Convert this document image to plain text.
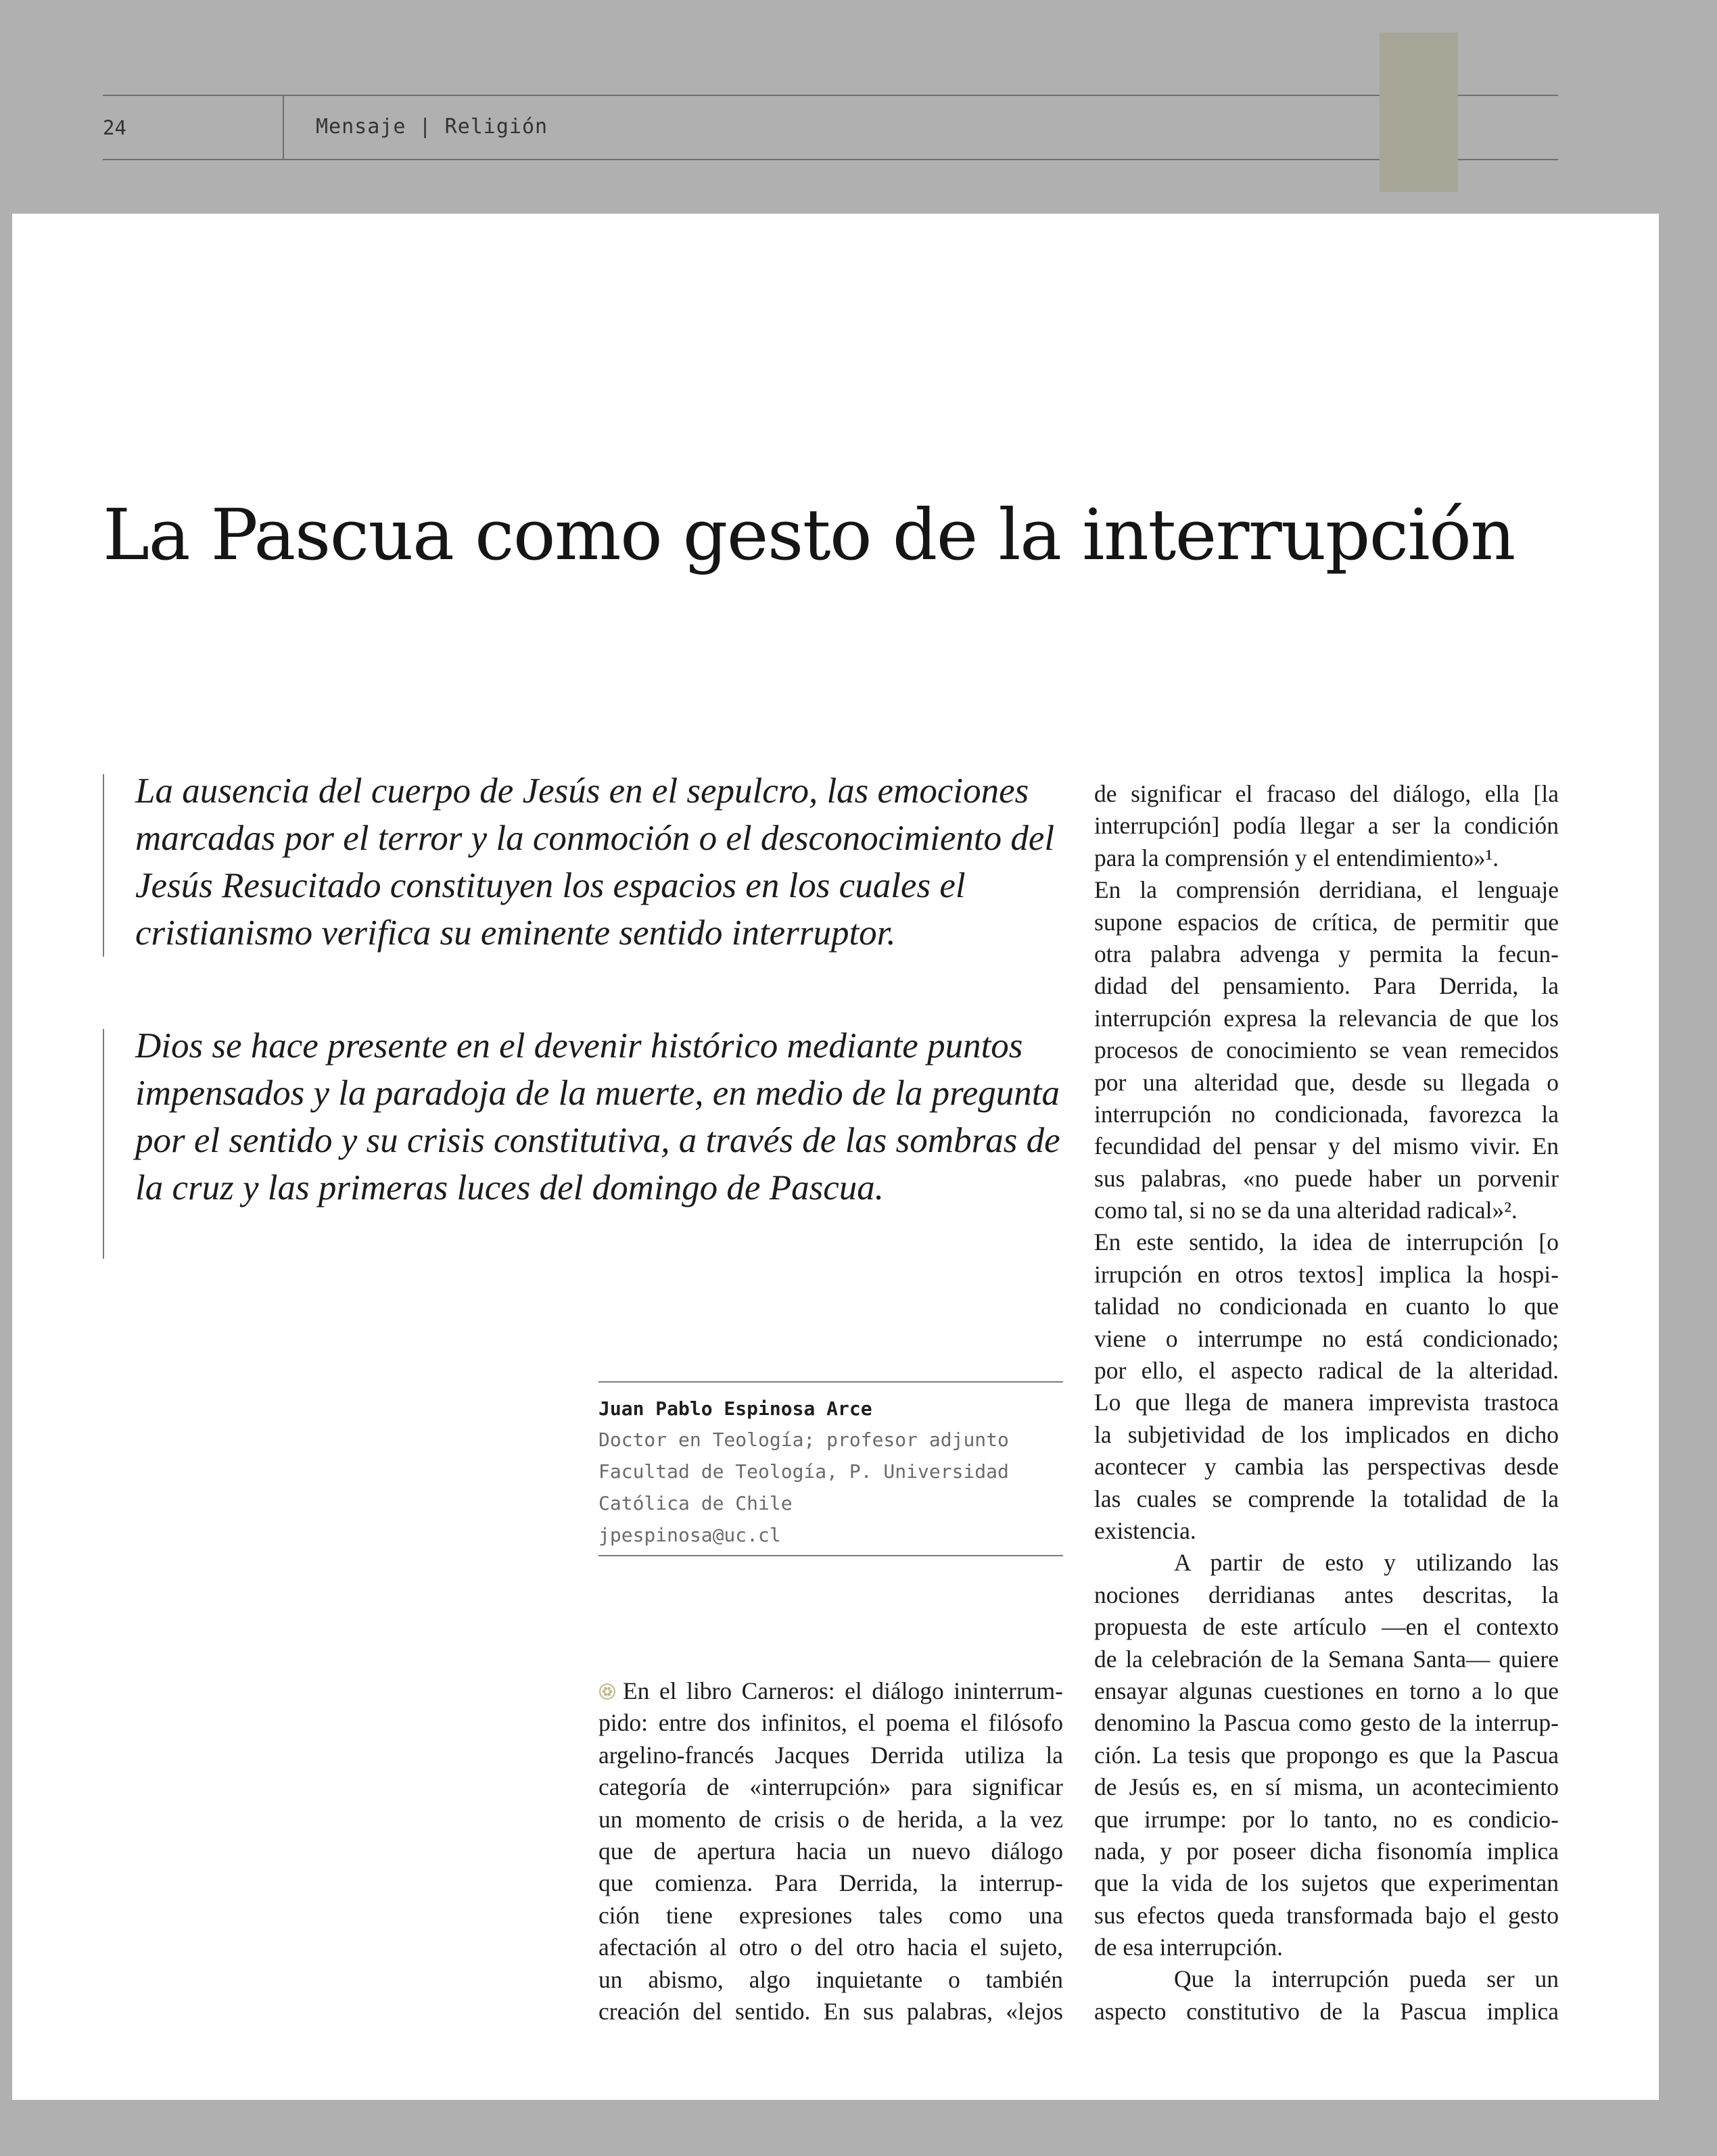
24	Mensaje | Religión
La Pascua como gesto de la interrupción

La ausencia del cuerpo de Jesús en el sepulcro, las emociones marcadas por el terror y la conmoción o el desconocimiento del Jesús Resucitado constituyen los espacios en los cuales el cristianismo verifica su eminente sentido interruptor.

Dios se hace presente en el devenir histórico mediante puntos impensados y la paradoja de la muerte, en medio de la pregunta por el sentido y su crisis constitutiva, a través de las sombras de la cruz y las primeras luces del domingo de Pascua.

Juan Pablo Espinosa Arce
Doctor en Teología; profesor adjunto
Facultad de Teología, P. Universidad
Católica de Chile
jpespinosa@uc.cl
En el libro Carneros: el diálogo ininterrum-
pido: entre dos infinitos, el poema el filósofo
argelino-francés Jacques Derrida utiliza la
categoría de «interrupción» para significar
un momento de crisis o de herida, a la vez
que de apertura hacia un nuevo diálogo
que comienza. Para Derrida, la interrup-
ción tiene expresiones tales como una
afectación al otro o del otro hacia el sujeto,
un abismo, algo inquietante o también
creación del sentido. En sus palabras, «lejos
de significar el fracaso del diálogo, ella [la
interrupción] podía llegar a ser la condición
para la comprensión y el entendimiento»¹.
En la comprensión derridiana, el lenguaje
supone espacios de crítica, de permitir que
otra palabra advenga y permita la fecun-
didad del pensamiento. Para Derrida, la
interrupción expresa la relevancia de que los
procesos de conocimiento se vean remecidos
por una alteridad que, desde su llegada o
interrupción no condicionada, favorezca la
fecundidad del pensar y del mismo vivir. En
sus palabras, «no puede haber un porvenir
como tal, si no se da una alteridad radical»².
En este sentido, la idea de interrupción [o
irrupción en otros textos] implica la hospi-
talidad no condicionada en cuanto lo que
viene o interrumpe no está condicionado;
por ello, el aspecto radical de la alteridad.
Lo que llega de manera imprevista trastoca
la subjetividad de los implicados en dicho
acontecer y cambia las perspectivas desde
las cuales se comprende la totalidad de la
existencia.
A partir de esto y utilizando las
nociones derridianas antes descritas, la
propuesta de este artículo —en el contexto
de la celebración de la Semana Santa— quiere
ensayar algunas cuestiones en torno a lo que
denomino la Pascua como gesto de la interrup-
ción. La tesis que propongo es que la Pascua
de Jesús es, en sí misma, un acontecimiento
que irrumpe: por lo tanto, no es condicio-
nada, y por poseer dicha fisonomía implica
que la vida de los sujetos que experimentan
sus efectos queda transformada bajo el gesto
de esa interrupción.
Que la interrupción pueda ser un
aspecto constitutivo de la Pascua implica
